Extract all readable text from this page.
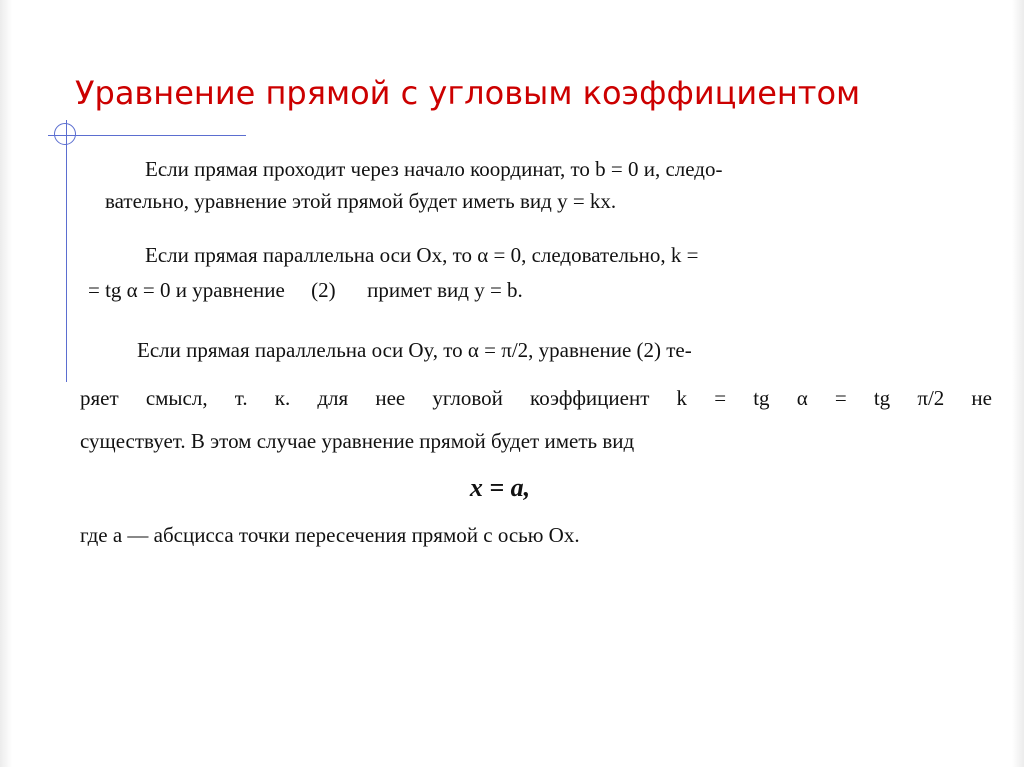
Уравнение прямой с угловым коэффициентом

Если прямая проходит через начало координат, то b = 0 и, следо-

вательно, уравнение этой прямой будет иметь вид y = kx.

Если прямая параллельна оси Ox, то α = 0, следовательно, k =

= tg α = 0 и уравнение     (2)      примет вид y = b.

Если прямая параллельна оси Oy, то α = π/2, уравнение (2) те-

ряет смысл, т. к. для нее угловой коэффициент k = tg α = tg π/2 не

существует. В этом случае уравнение прямой будет иметь вид

x = a,

где a — абсцисса точки пересечения прямой с осью Ox.
